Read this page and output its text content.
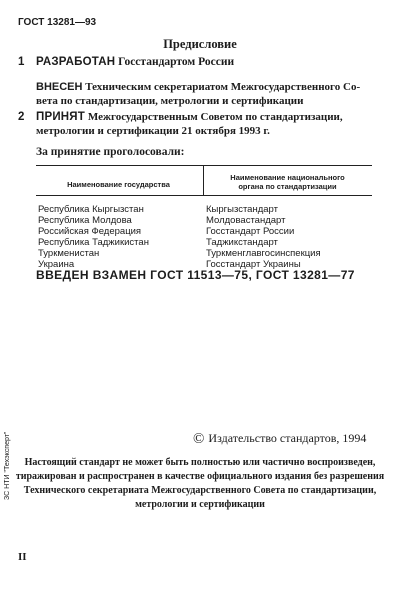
ГОСТ 13281—93
Предисловие
1 РАЗРАБОТАН Госстандартом России
ВНЕСЕН Техническим секретариатом Межгосударственного Со-
вета по стандартизации, метрологии и сертификации
2 ПРИНЯТ Межгосударственным Советом по стандартизации,
метрологии и сертификации 21 октября 1993 г.
За принятие проголосовали:
Наименование государства
Наименование национального
органа по стандартизации
Республика Кыргызстан
Республика Молдова
Российская Федерация
Республика Таджикистан
Туркменистан
Украина
Кыргызстандарт
Молдовастандарт
Госстандарт России
Таджикстандарт
Туркменглавгосинспекция
Госстандарт Украины
ВВЕДЕН ВЗАМЕН ГОСТ 11513—75, ГОСТ 13281—77
© Издательство стандартов, 1994
Настоящий стандарт не может быть полностью или частично воспроизведен,
тиражирован и распространен в качестве официального издания без разрешения
Технического секретариата Межгосударственного Совета по стандартизации,
метрологии и сертификации
ЗС НТИ "Техэксперт"
II
